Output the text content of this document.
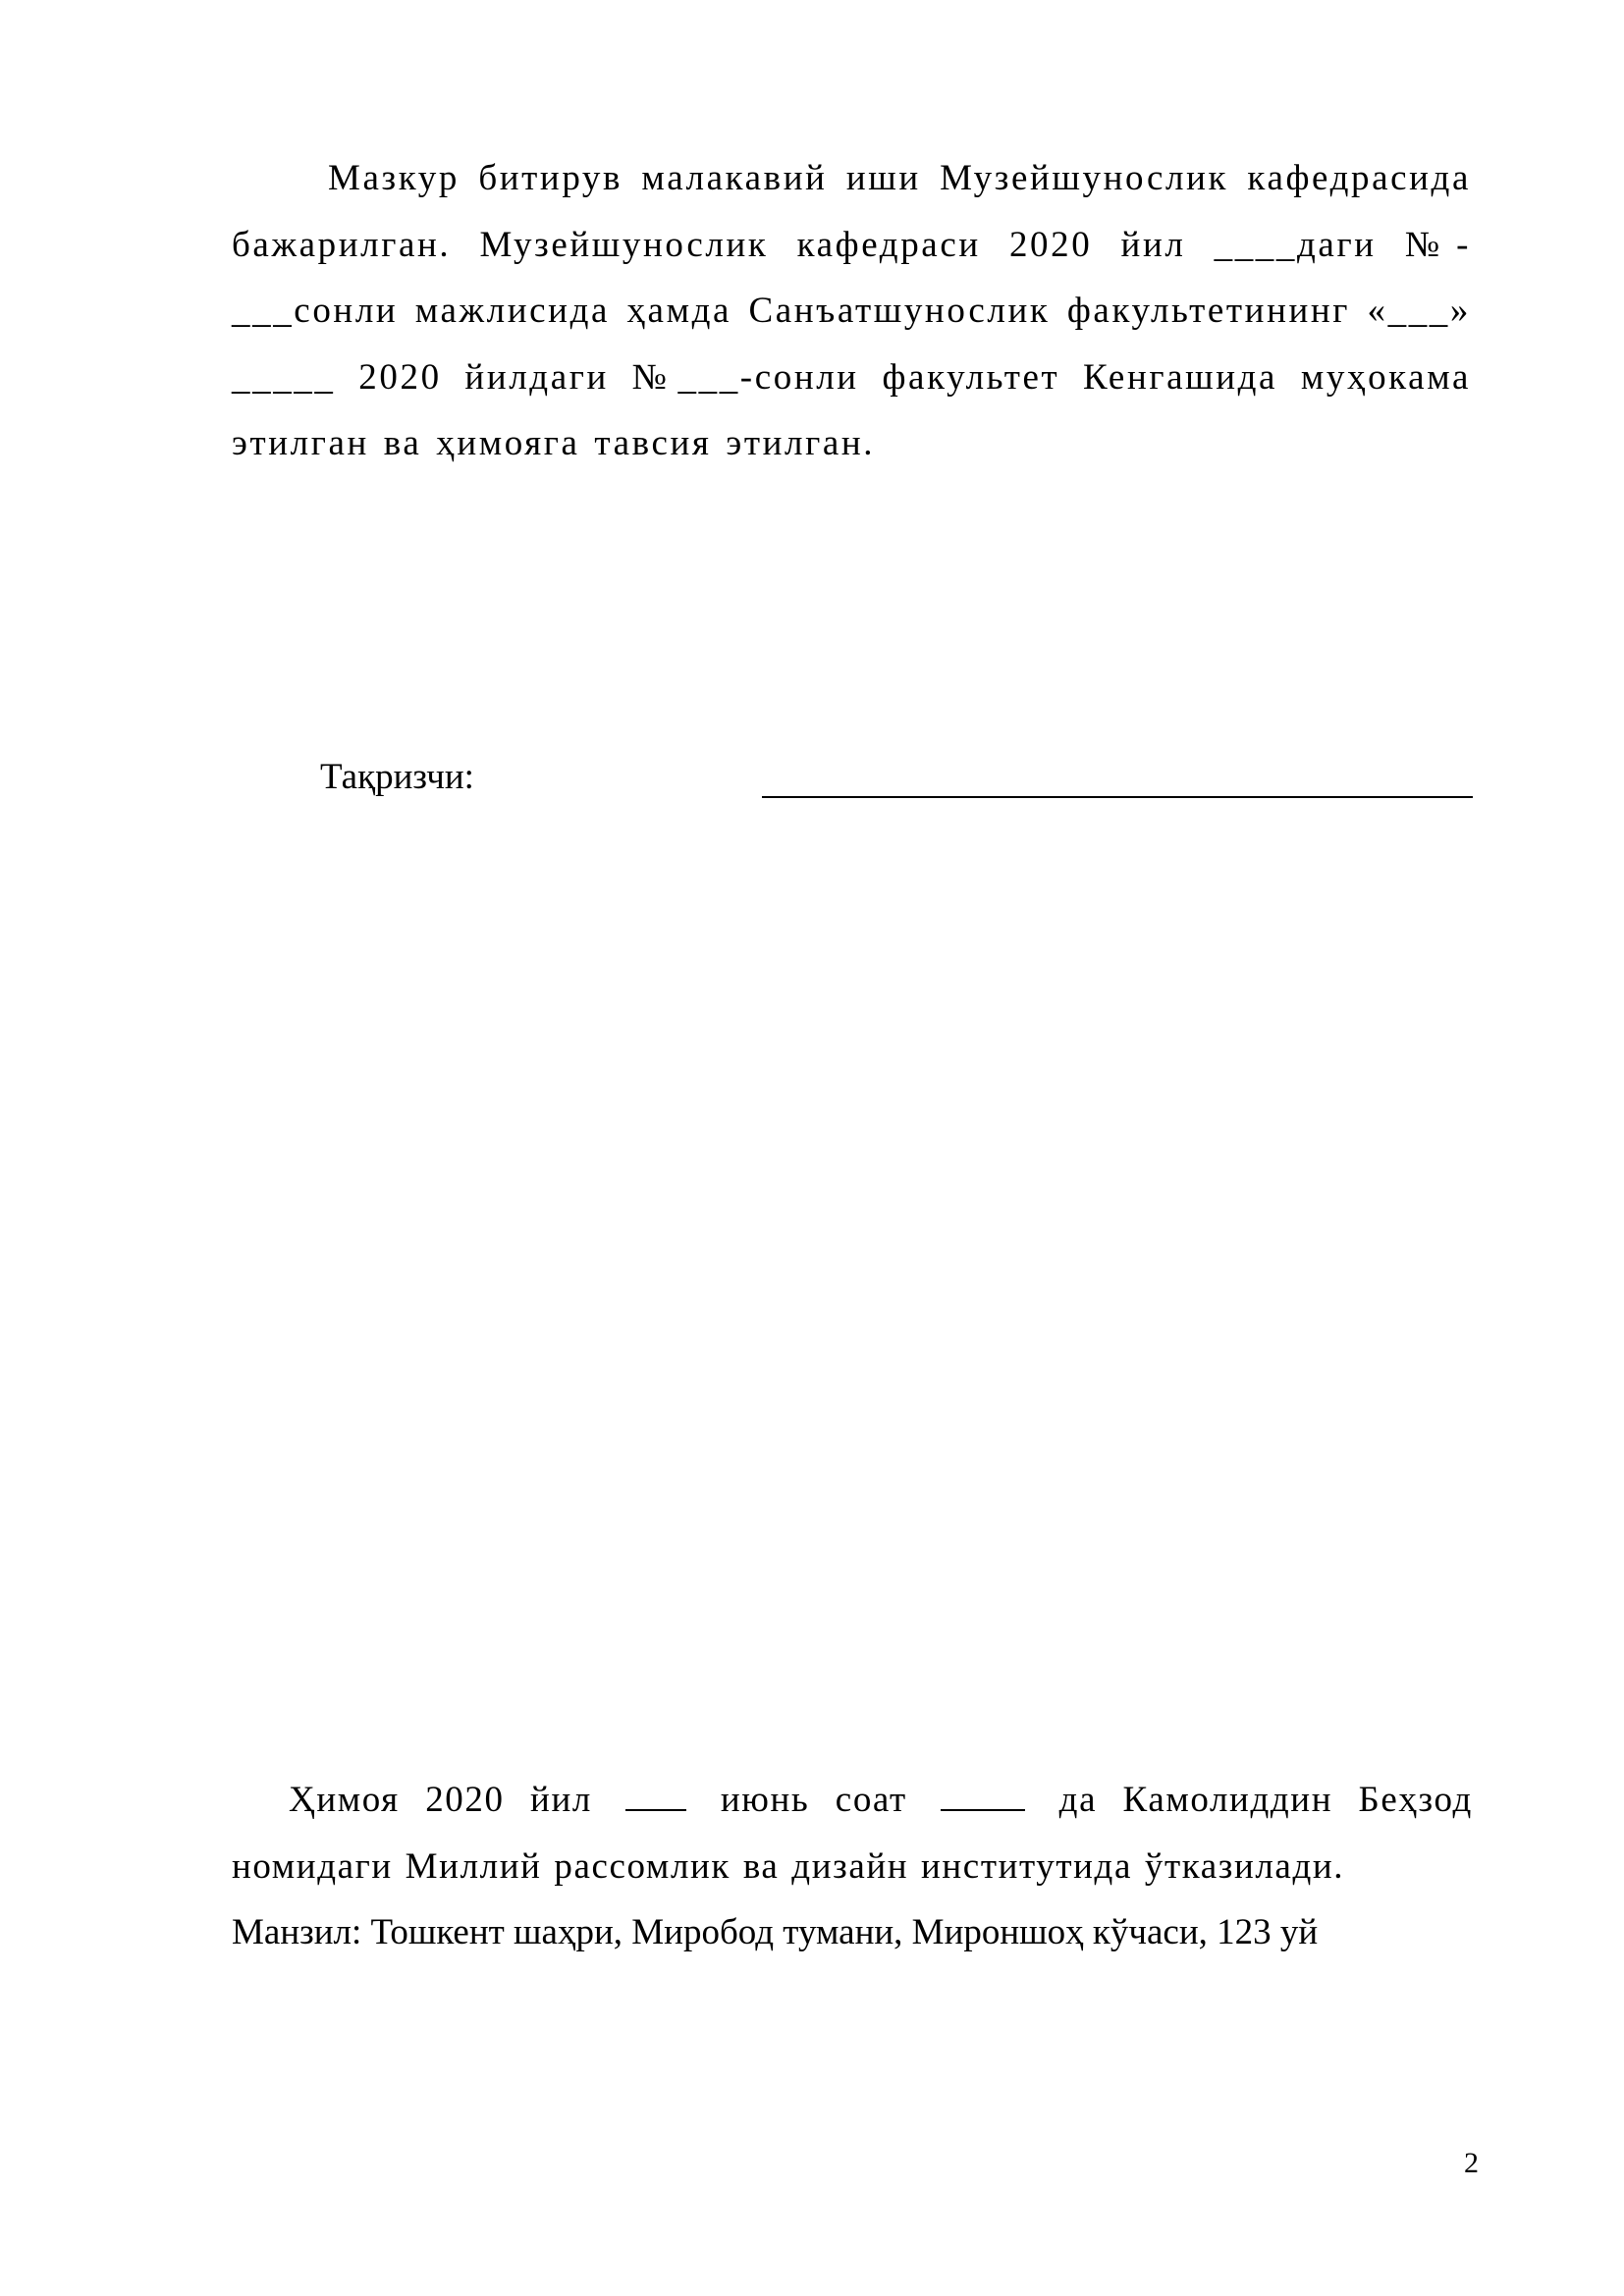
Мазкур битирув малакавий иши Музейшунослик кафедрасида бажарилган. Музейшунослик кафедраси 2020 йил ____даги №-___сонли мажлисида ҳамда Санъатшунослик факультетининг «___» _____ 2020 йилдаги №___-сонли факультет Кенгашида муҳокама этилган ва ҳимояга тавсия этилган.

Тақризчи:
Ҳимоя 2020 йил  июнь соат	да Камолиддин Беҳзод номидаги Миллий рассомлик ва дизайн институтида ўтказилади.
Манзил: Тошкент шаҳри, Миробод тумани, Мироншоҳ кўчаси, 123 уй
2
